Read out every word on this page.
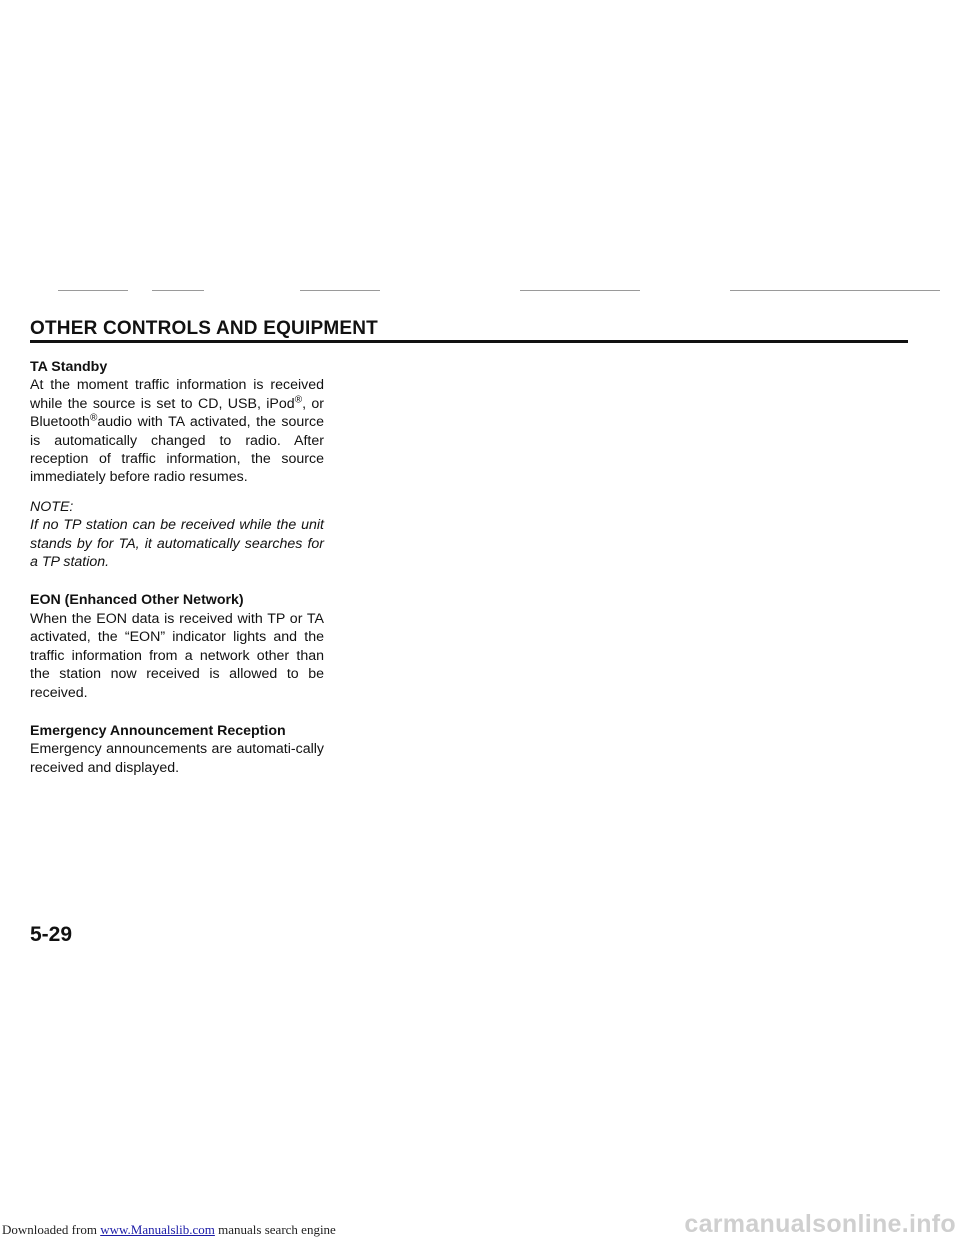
OTHER CONTROLS AND EQUIPMENT

TA Standby

At the moment traffic information is received while the source is set to CD, USB, iPod®, or Bluetooth®audio with TA activated, the source is automatically changed to radio. After reception of traffic information, the source immediately before radio resumes.

NOTE:

If no TP station can be received while the unit stands by for TA, it automatically searches for a TP station.

EON (Enhanced Other Network)

When the EON data is received with TP or TA activated, the “EON” indicator lights and the traffic information from a network other than the station now received is allowed to be received.

Emergency Announcement Reception

Emergency announcements are automati-cally received and displayed.

5-29
Downloaded from www.Manualslib.com manuals search engine	carmanualsonline.info
